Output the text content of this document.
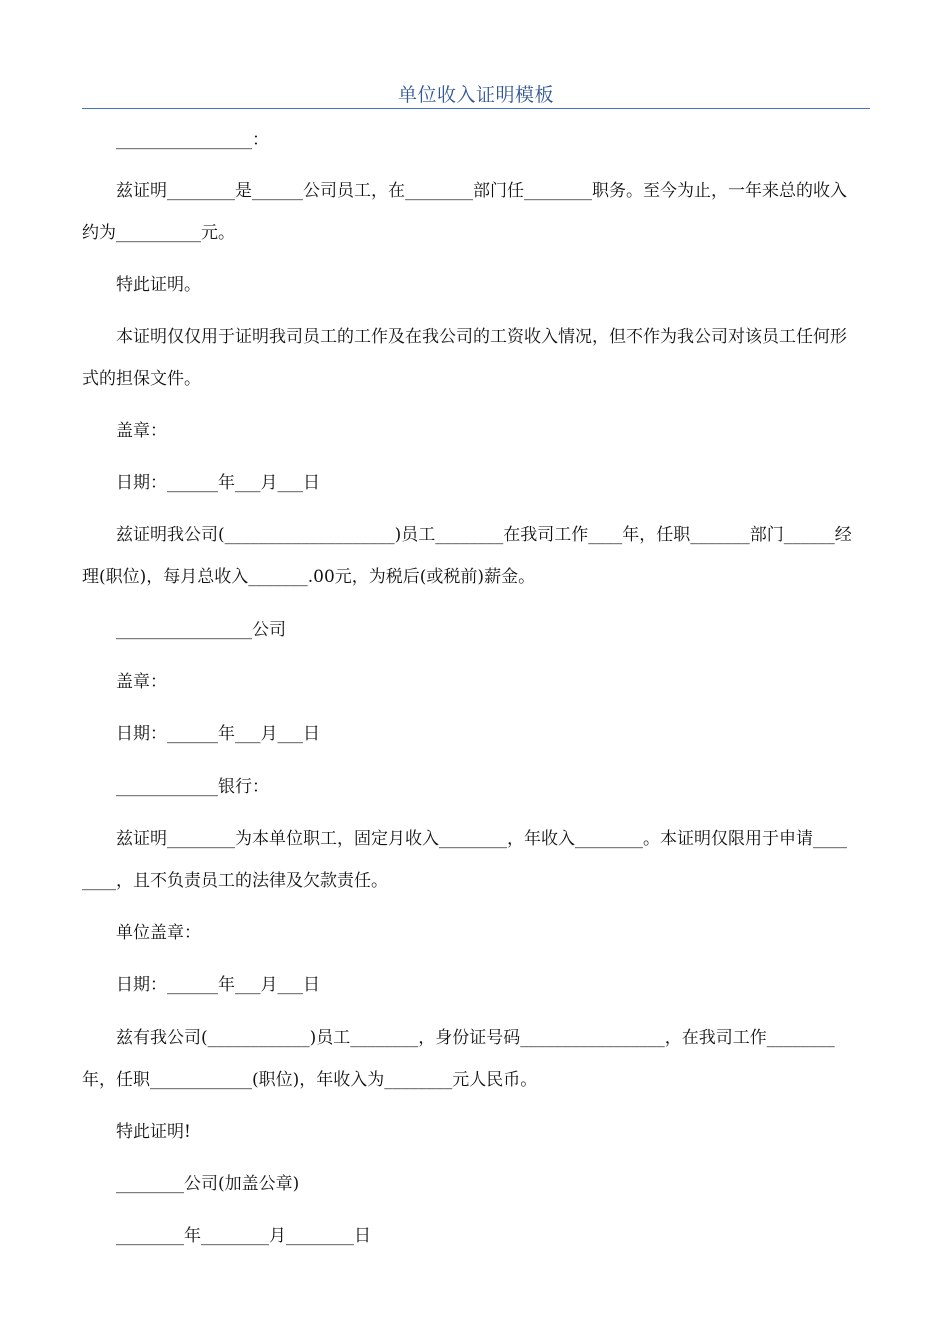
单位收入证明模板
________________：
兹证明________是______公司员工，在________部门任________职务。至今为止，一年来总的收入约为__________元。
特此证明。
本证明仅仅用于证明我司员工的工作及在我公司的工资收入情况，但不作为我公司对该员工任何形式的担保文件。
盖章：
日期：______年___月___日
兹证明我公司(____________________)员工________在我司工作____年，任职_______部门______经理(职位)，每月总收入_______.00元，为税后(或税前)薪金。
________________公司
盖章：
日期：______年___月___日
____________银行：
兹证明________为本单位职工，固定月收入________，年收入________。本证明仅限用于申请________，且不负责员工的法律及欠款责任。
单位盖章：
日期：______年___月___日
兹有我公司(____________)员工________，身份证号码_________________，在我司工作________年，任职____________(职位)，年收入为________元人民币。
特此证明!
________公司(加盖公章)
________年________月________日
